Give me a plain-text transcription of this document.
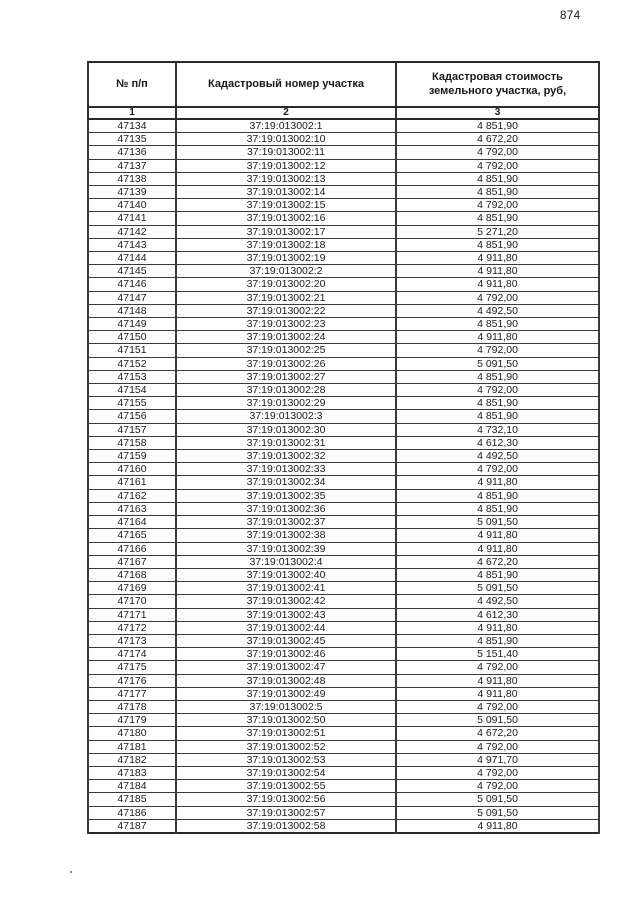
874
№ п/п	Кадастровый номер участка	Кадастровая стоимость земельного участка, руб,
1	2	3
47134	37:19:013002:1	4 851,90
47135	37:19:013002:10	4 672,20
47136	37:19:013002:11	4 792,00
47137	37:19:013002:12	4 792,00
47138	37:19:013002:13	4 851,90
47139	37:19:013002:14	4 851,90
47140	37:19:013002:15	4 792,00
47141	37:19:013002:16	4 851,90
47142	37:19:013002:17	5 271,20
47143	37:19:013002:18	4 851,90
47144	37:19:013002:19	4 911,80
47145	37:19:013002:2	4 911,80
47146	37:19:013002:20	4 911,80
47147	37:19:013002:21	4 792,00
47148	37:19:013002:22	4 492,50
47149	37:19:013002:23	4 851,90
47150	37:19:013002:24	4 911,80
47151	37:19:013002:25	4 792,00
47152	37:19:013002:26	5 091,50
47153	37:19:013002:27	4 851,90
47154	37:19:013002:28	4 792,00
47155	37:19:013002:29	4 851,90
47156	37:19:013002:3	4 851,90
47157	37:19:013002:30	4 732,10
47158	37:19:013002:31	4 612,30
47159	37:19:013002:32	4 492,50
47160	37:19:013002:33	4 792,00
47161	37:19:013002:34	4 911,80
47162	37:19:013002:35	4 851,90
47163	37:19:013002:36	4 851,90
47164	37:19:013002:37	5 091,50
47165	37:19:013002:38	4 911,80
47166	37:19:013002:39	4 911,80
47167	37:19:013002:4	4 672,20
47168	37:19:013002:40	4 851,90
47169	37:19:013002:41	5 091,50
47170	37:19:013002:42	4 492,50
47171	37:19:013002:43	4 612,30
47172	37:19:013002:44	4 911,80
47173	37:19:013002:45	4 851,90
47174	37:19:013002:46	5 151,40
47175	37:19:013002:47	4 792,00
47176	37:19:013002:48	4 911,80
47177	37:19:013002:49	4 911,80
47178	37:19:013002:5	4 792,00
47179	37:19:013002:50	5 091,50
47180	37:19:013002:51	4 672,20
47181	37:19:013002:52	4 792,00
47182	37:19:013002:53	4 971,70
47183	37:19:013002:54	4 792,00
47184	37:19:013002:55	4 792,00
47185	37:19:013002:56	5 091,50
47186	37:19:013002:57	5 091,50
47187	37:19:013002:58	4 911,80
